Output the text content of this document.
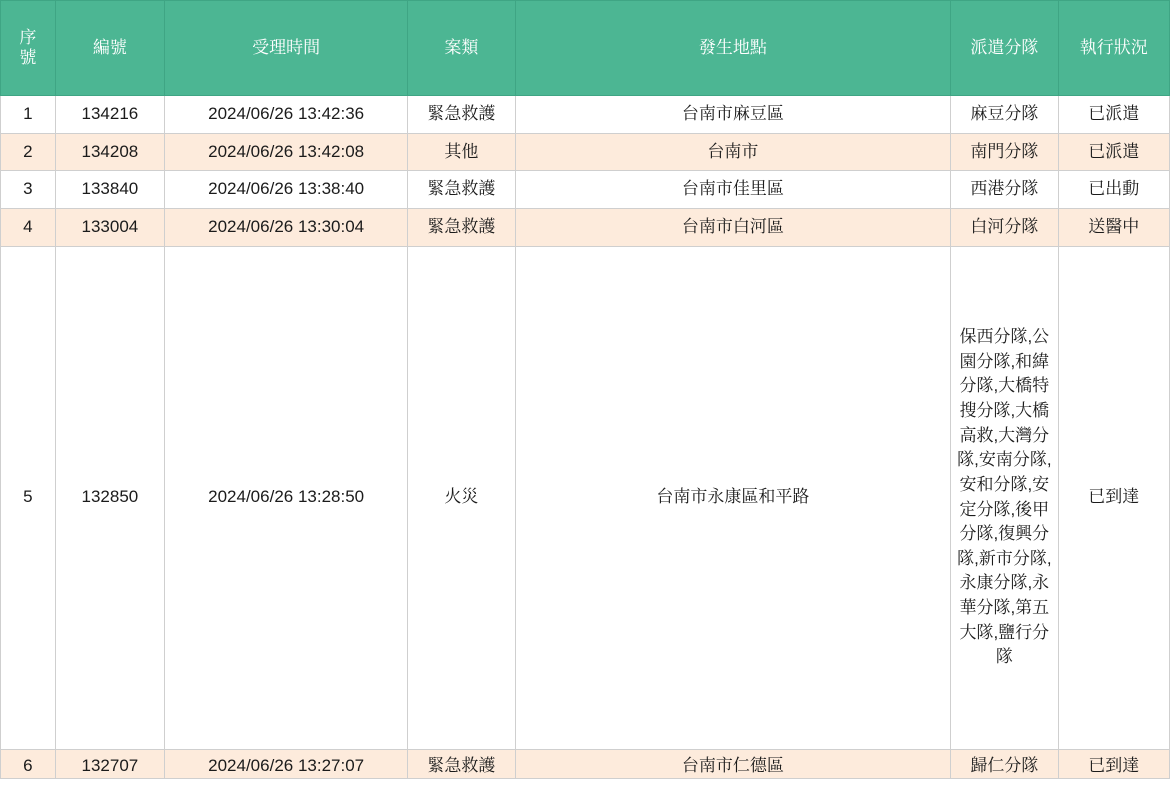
序
號	編號	受理時間	案類	發生地點	派遣分隊	執行狀況
1	134216	2024/06/26 13:42:36	緊急救護	台南市麻豆區	麻豆分隊	已派遣
2	134208	2024/06/26 13:42:08	其他	台南市	南門分隊	已派遣
3	133840	2024/06/26 13:38:40	緊急救護	台南市佳里區	西港分隊	已出動
4	133004	2024/06/26 13:30:04	緊急救護	台南市白河區	白河分隊	送醫中
5	132850	2024/06/26 13:28:50	火災	台南市永康區和平路	保西分隊,公園分隊,和緯分隊,大橋特搜分隊,大橋高救,大灣分隊,安南分隊,安和分隊,安定分隊,後甲分隊,復興分隊,新市分隊,永康分隊,永華分隊,第五大隊,鹽行分隊	已到達
6	132707	2024/06/26 13:27:07	緊急救護	台南市仁德區	歸仁分隊	已到達
